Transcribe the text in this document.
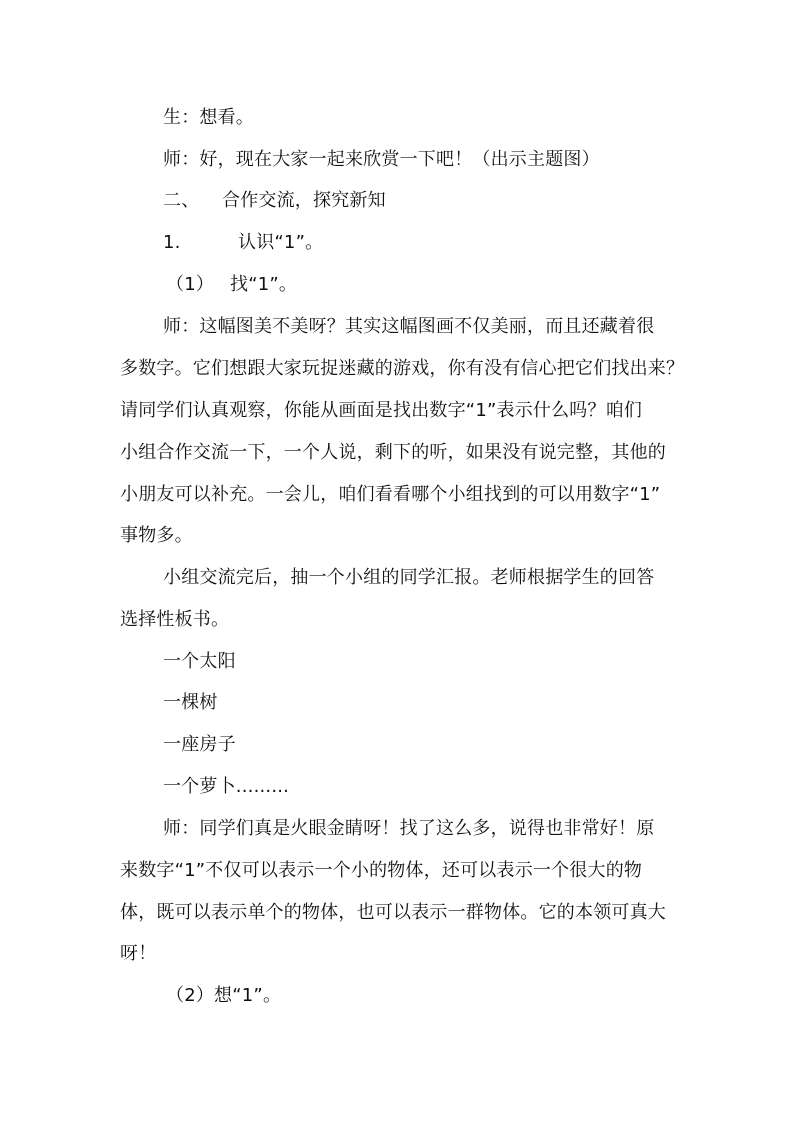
生：想看。
师：好，现在大家一起来欣赏一下吧！（出示主题图）
二、 合作交流，探究新知
1.	认识“1”。
（1） 找“1”。
师：这幅图美不美呀？其实这幅图画不仅美丽，而且还藏着很
多数字。它们想跟大家玩捉迷藏的游戏，你有没有信心把它们找出来？
请同学们认真观察，你能从画面是找出数字“1”表示什么吗？咱们
小组合作交流一下，一个人说，剩下的听，如果没有说完整，其他的
小朋友可以补充。一会儿，咱们看看哪个小组找到的可以用数字“1”
事物多。
小组交流完后，抽一个小组的同学汇报。老师根据学生的回答
选择性板书。
一个太阳
一棵树
一座房子
一个萝卜.........
师：同学们真是火眼金睛呀！找了这么多，说得也非常好！原
来数字“1”不仅可以表示一个小的物体，还可以表示一个很大的物
体，既可以表示单个的物体，也可以表示一群物体。它的本领可真大
呀！
（2）想“1”。
